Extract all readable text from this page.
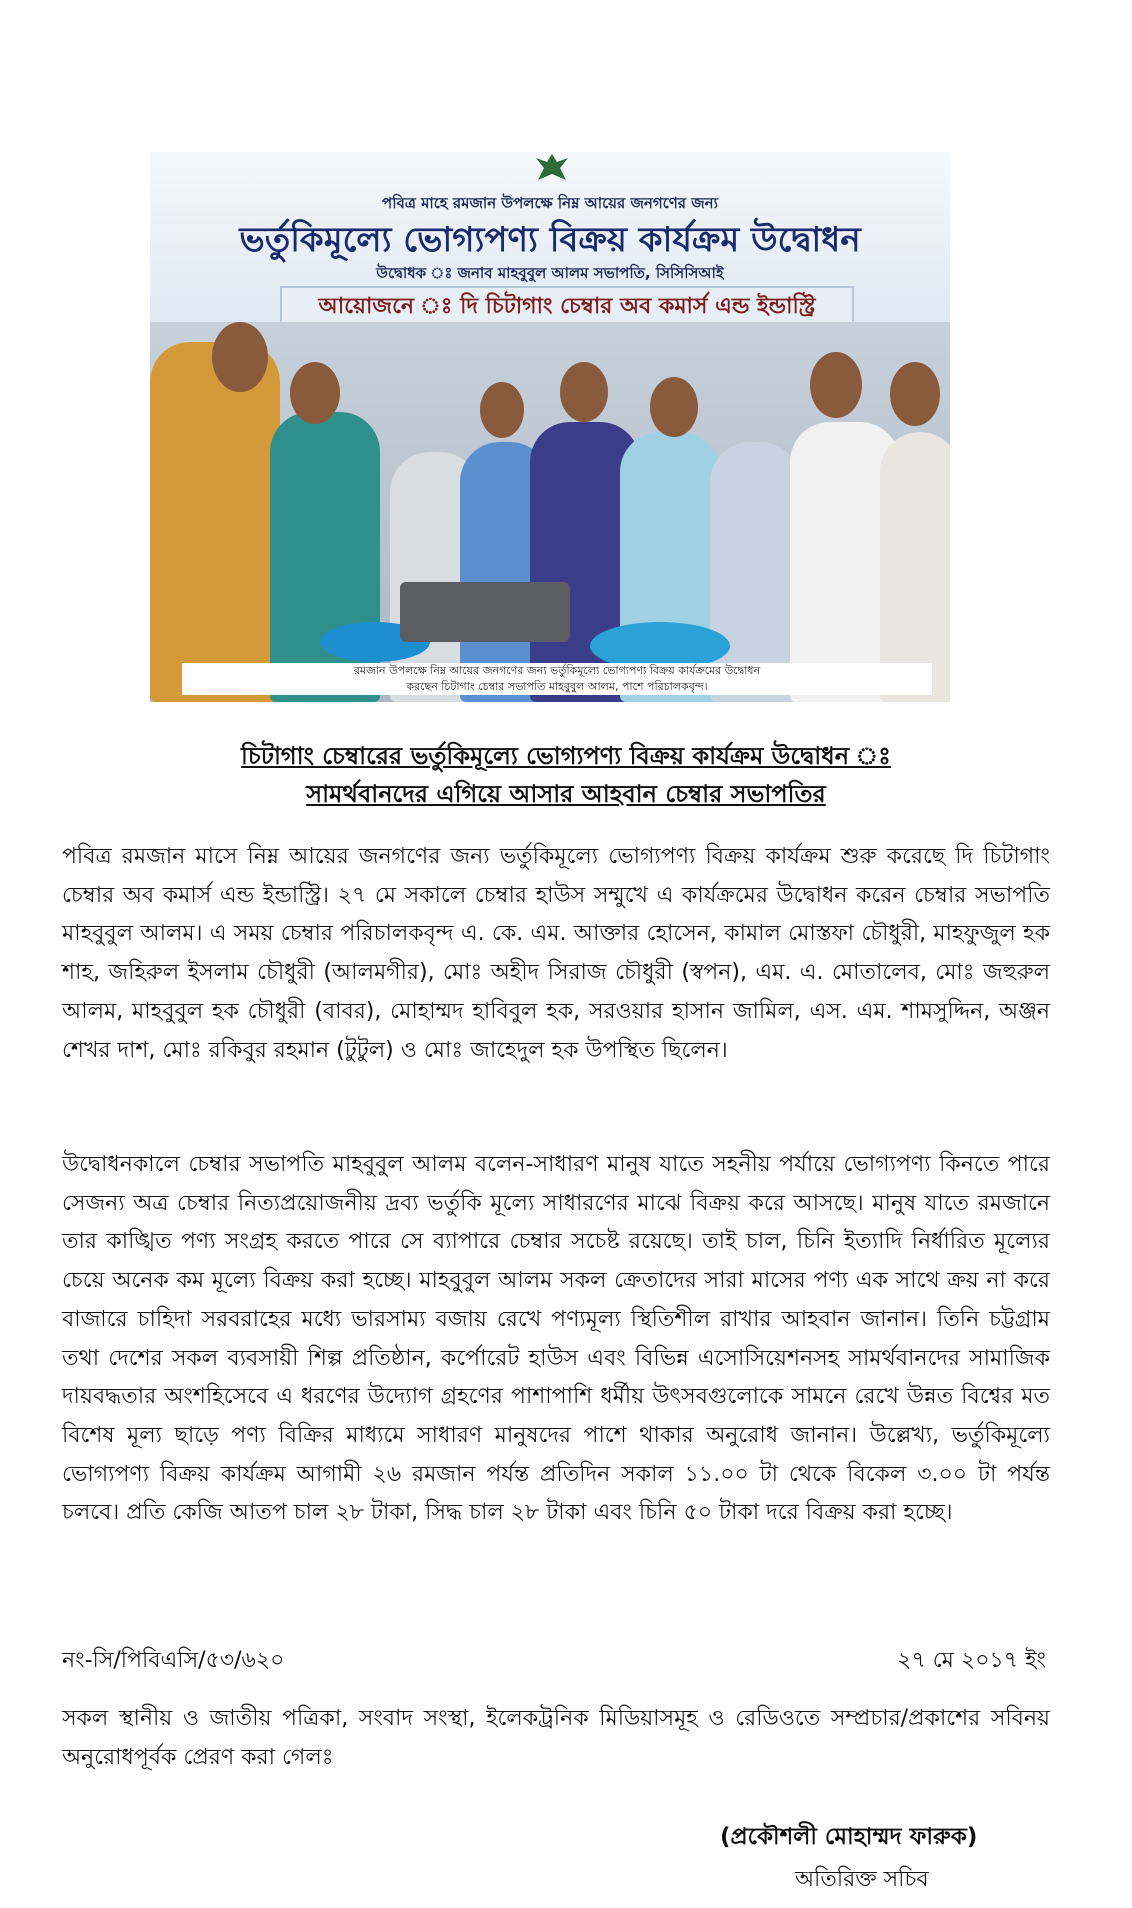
পবিত্র মাহে রমজান উপলক্ষে নিম্ন আয়ের জনগণের জন্য
ভর্তুকিমূল্যে ভোগ্যপণ্য বিক্রয় কার্যক্রম উদ্বোধন
উদ্বোধক ঃ জনাব মাহবুবুল আলম সভাপতি, সিসিসিআই
আয়োজনে ঃ দি চিটাগাং চেম্বার অব কমার্স এন্ড ইন্ডাস্ট্রি
রমজান উপলক্ষে নিম্ন আয়ের জনগণের জন্য ভর্তুকিমূল্যে ভোগ্যপণ্য বিক্রয় কার্যক্রমের উদ্বোধন
করছেন চিটাগাং চেম্বার সভাপতি মাহবুবুল আলম, পাশে পরিচালকবৃন্দ।
চিটাগাং চেম্বারের ভর্তুকিমূল্যে ভোগ্যপণ্য বিক্রয় কার্যক্রম উদ্বোধন ঃ
সামর্থবানদের এগিয়ে আসার আহবান চেম্বার সভাপতির
পবিত্র রমজান মাসে নিম্ন আয়ের জনগণের জন্য ভর্তুকিমূল্যে ভোগ্যপণ্য বিক্রয় কার্যক্রম শুরু করেছে দি চিটাগাং চেম্বার অব কমার্স এন্ড ইন্ডাস্ট্রি। ২৭ মে সকালে চেম্বার হাউস সম্মুখে এ কার্যক্রমের উদ্বোধন করেন চেম্বার সভাপতি মাহবুবুল আলম। এ সময় চেম্বার পরিচালকবৃন্দ এ. কে. এম. আক্তার হোসেন, কামাল মোস্তফা চৌধুরী, মাহফুজুল হক শাহ, জহিরুল ইসলাম চৌধুরী (আলমগীর), মোঃ অহীদ সিরাজ চৌধুরী (স্বপন), এম. এ. মোতালেব, মোঃ জহুরুল আলম, মাহবুবুল হক চৌধুরী (বাবর), মোহাম্মদ হাবিবুল হক, সরওয়ার হাসান জামিল, এস. এম. শামসুদ্দিন, অঞ্জন শেখর দাশ, মোঃ রকিবুর রহমান (টুটুল) ও মোঃ জাহেদুল হক উপস্থিত ছিলেন।
উদ্বোধনকালে চেম্বার সভাপতি মাহবুবুল আলম বলেন-সাধারণ মানুষ যাতে সহনীয় পর্যায়ে ভোগ্যপণ্য কিনতে পারে সেজন্য অত্র চেম্বার নিত্যপ্রয়োজনীয় দ্রব্য ভর্তুকি মূল্যে সাধারণের মাঝে বিক্রয় করে আসছে। মানুষ যাতে রমজানে তার কাঙ্খিত পণ্য সংগ্রহ করতে পারে সে ব্যাপারে চেম্বার সচেষ্ট রয়েছে। তাই চাল, চিনি ইত্যাদি নির্ধারিত মূল্যের চেয়ে অনেক কম মূল্যে বিক্রয় করা হচ্ছে। মাহবুবুল আলম সকল ক্রেতাদের সারা মাসের পণ্য এক সাথে ক্রয় না করে বাজারে চাহিদা সরবরাহের মধ্যে ভারসাম্য বজায় রেখে পণ্যমূল্য স্থিতিশীল রাখার আহবান জানান। তিনি চট্টগ্রাম তথা দেশের সকল ব্যবসায়ী শিল্প প্রতিষ্ঠান, কর্পোরেট হাউস এবং বিভিন্ন এসোসিয়েশনসহ সামর্থবানদের সামাজিক দায়বদ্ধতার অংশহিসেবে এ ধরণের উদ্যোগ গ্রহণের পাশাপাশি ধর্মীয় উৎসবগুলোকে সামনে রেখে উন্নত বিশ্বের মত বিশেষ মূল্য ছাড়ে পণ্য বিক্রির মাধ্যমে সাধারণ মানুষদের পাশে থাকার অনুরোধ জানান। উল্লেখ্য, ভর্তুকিমূল্যে ভোগ্যপণ্য বিক্রয় কার্যক্রম আগামী ২৬ রমজান পর্যন্ত প্রতিদিন সকাল ১১.০০ টা থেকে বিকেল ৩.০০ টা পর্যন্ত চলবে। প্রতি কেজি আতপ চাল ২৮ টাকা, সিদ্ধ চাল ২৮ টাকা এবং চিনি ৫০ টাকা দরে বিক্রয় করা হচ্ছে।
নং-সি/পিবিএসি/৫৩/৬২০	২৭ মে ২০১৭ ইং
সকল স্থানীয় ও জাতীয় পত্রিকা, সংবাদ সংস্থা, ইলেকট্রনিক মিডিয়াসমূহ ও রেডিওতে সম্প্রচার/প্রকাশের সবিনয় অনুরোধপূর্বক প্রেরণ করা গেলঃ
(প্রকৌশলী মোহাম্মদ ফারুক)
অতিরিক্ত সচিব
